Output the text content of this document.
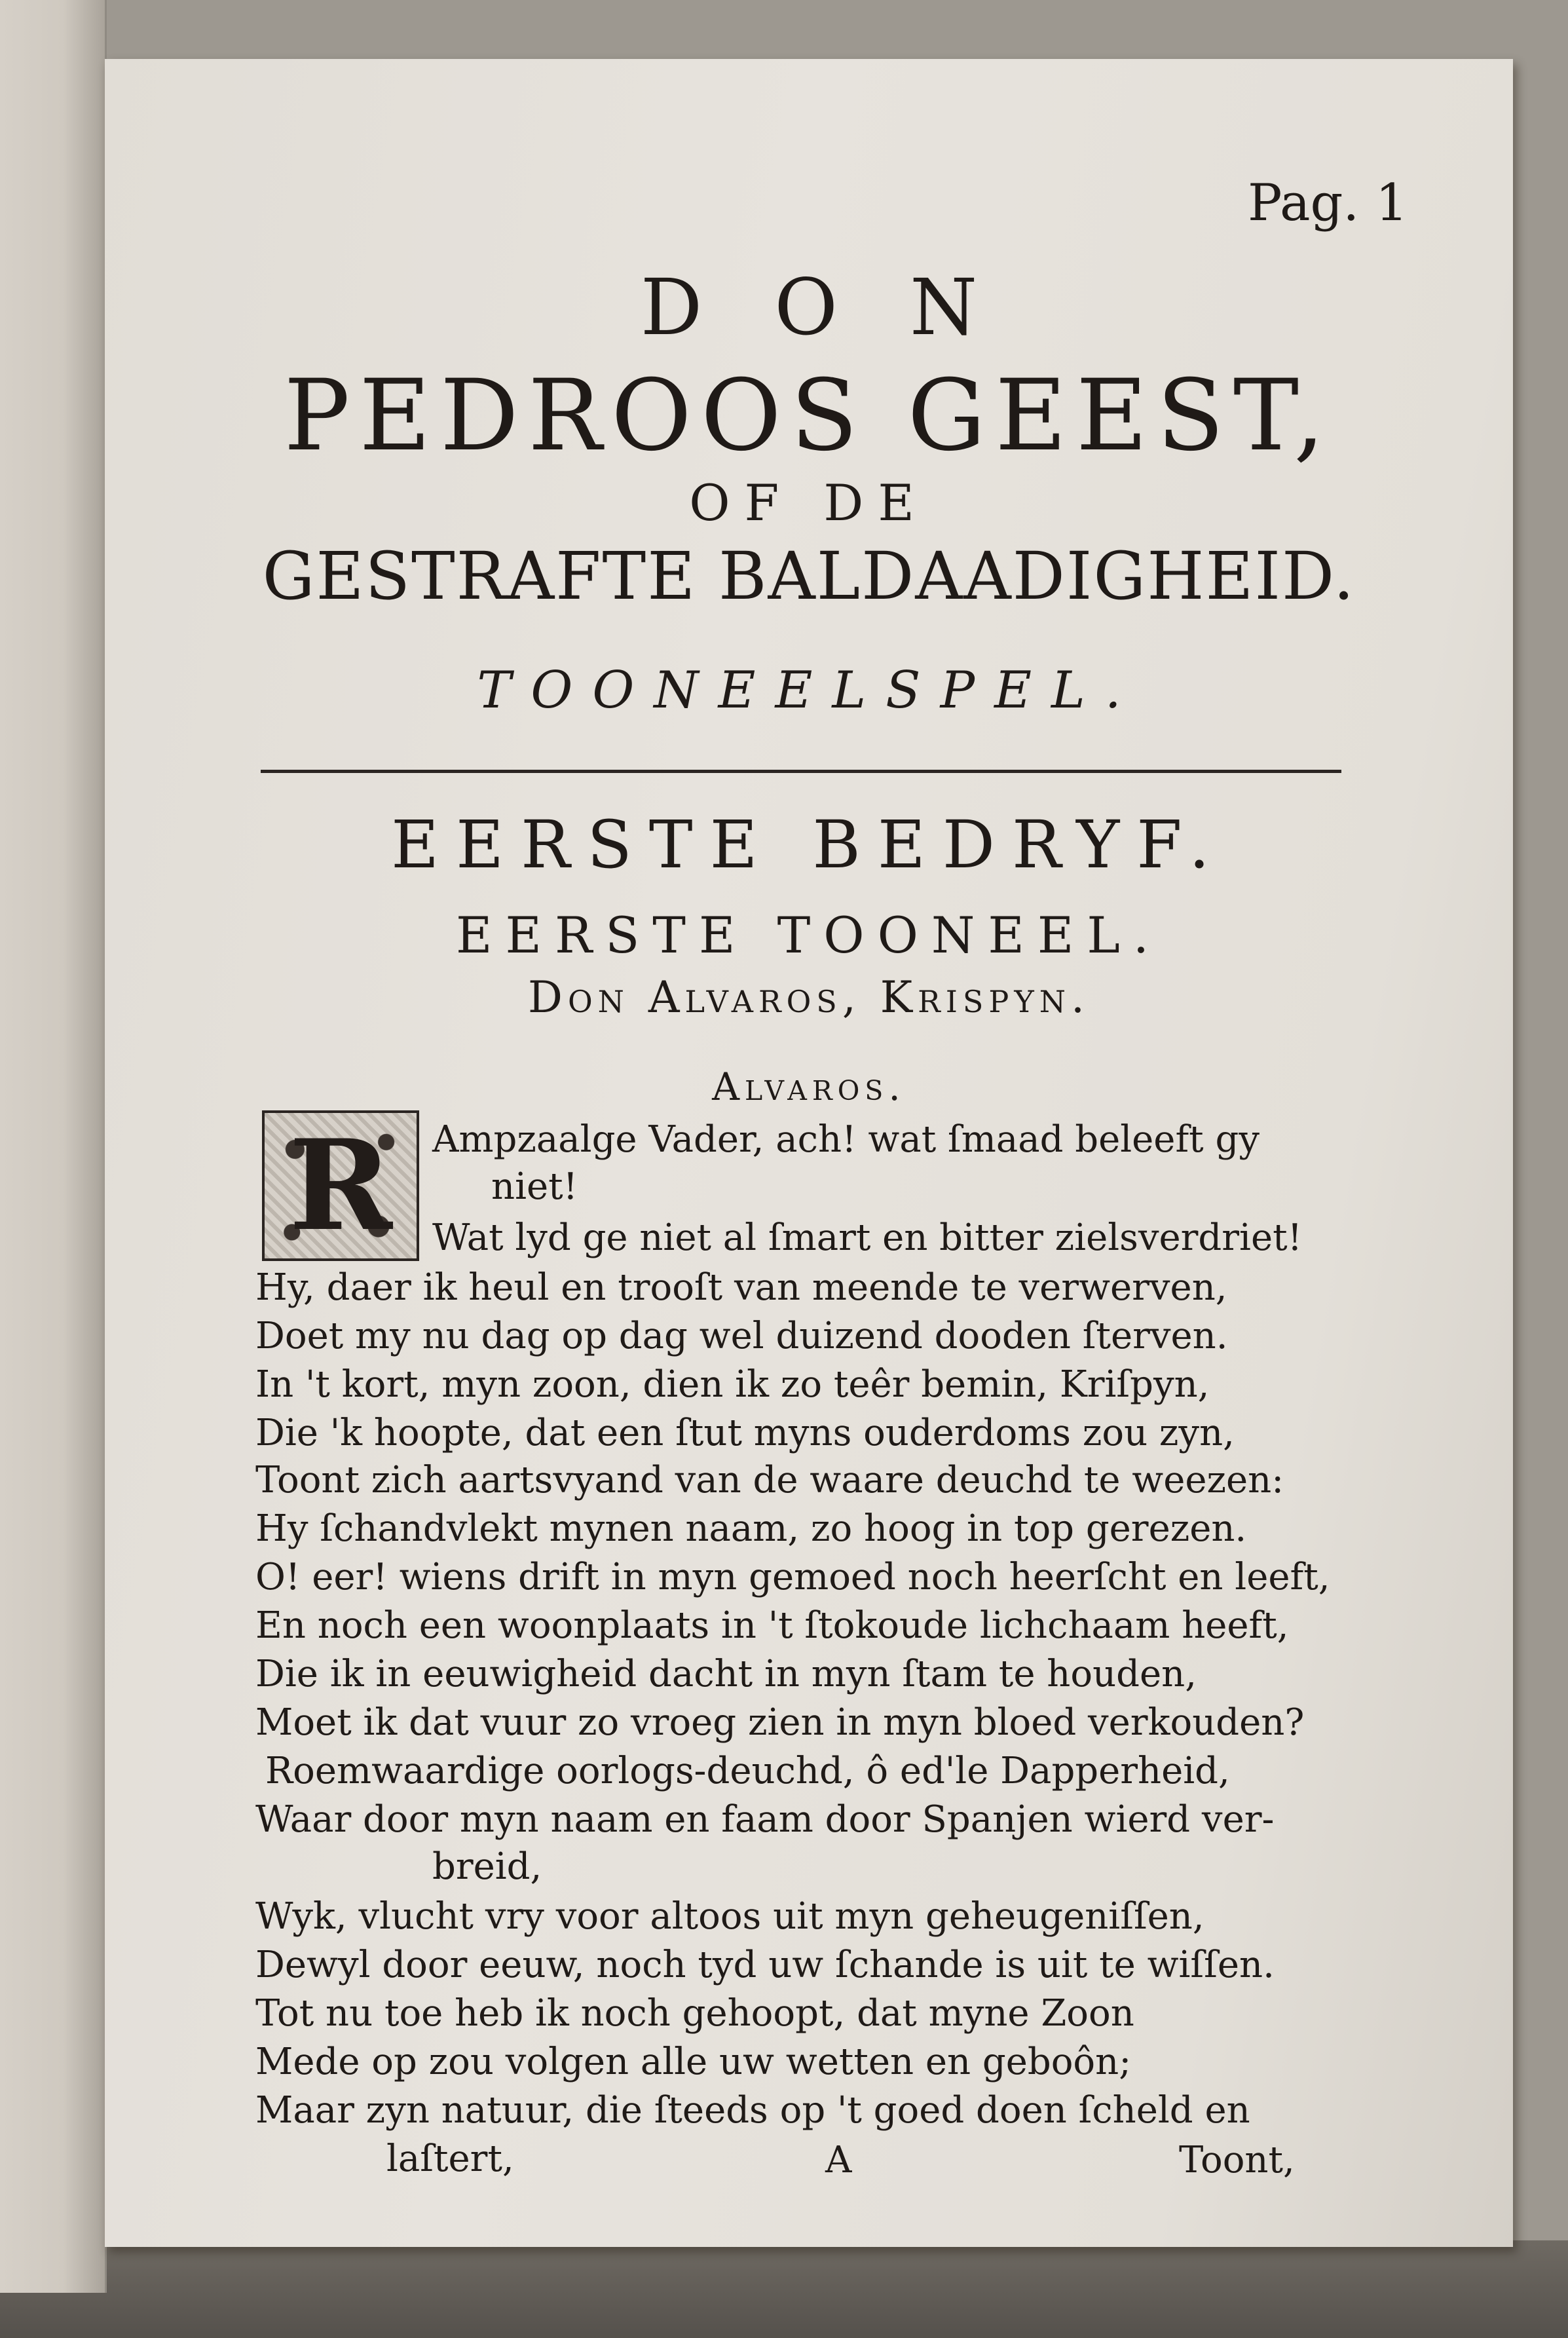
Pag. 1
DON
PEDROOS GEEST,
OF DE
GESTRAFTE BALDAADIGHEID.
TOONEELSPEL.
EERSTE BEDRYF.
EERSTE TOONEEL.
Don Alvaros, Krispyn.
Alvaros.
R	Ampzaalge Vader, ach! wat ſmaad beleeft gy
niet!
Wat lyd ge niet al ſmart en bitter zielsverdriet!
Hy, daer ik heul en trooſt van meende te verwerven,
Doet my nu dag op dag wel duizend dooden ſterven.
In 't kort, myn zoon, dien ik zo teêr bemin, Kriſpyn,
Die 'k hoopte, dat een ſtut myns ouderdoms zou zyn,
Toont zich aartsvyand van de waare deuchd te weezen:
Hy ſchandvlekt mynen naam, zo hoog in top gerezen.
O! eer! wiens drift in myn gemoed noch heerſcht en leeft,
En noch een woonplaats in 't ſtokoude lichchaam heeft,
Die ik in eeuwigheid dacht in myn ſtam te houden,
Moet ik dat vuur zo vroeg zien in myn bloed verkouden?
Roemwaardige oorlogs-deuchd, ô ed'le Dapperheid,
Waar door myn naam en faam door Spanjen wierd ver-
breid,
Wyk, vlucht vry voor altoos uit myn geheugeniſſen,
Dewyl door eeuw, noch tyd uw ſchande is uit te wiſſen.
Tot nu toe heb ik noch gehoopt, dat myne Zoon
Mede op zou volgen alle uw wetten en geboôn;
Maar zyn natuur, die ſteeds op 't goed doen ſcheld en
laſtert,	A	Toont,
